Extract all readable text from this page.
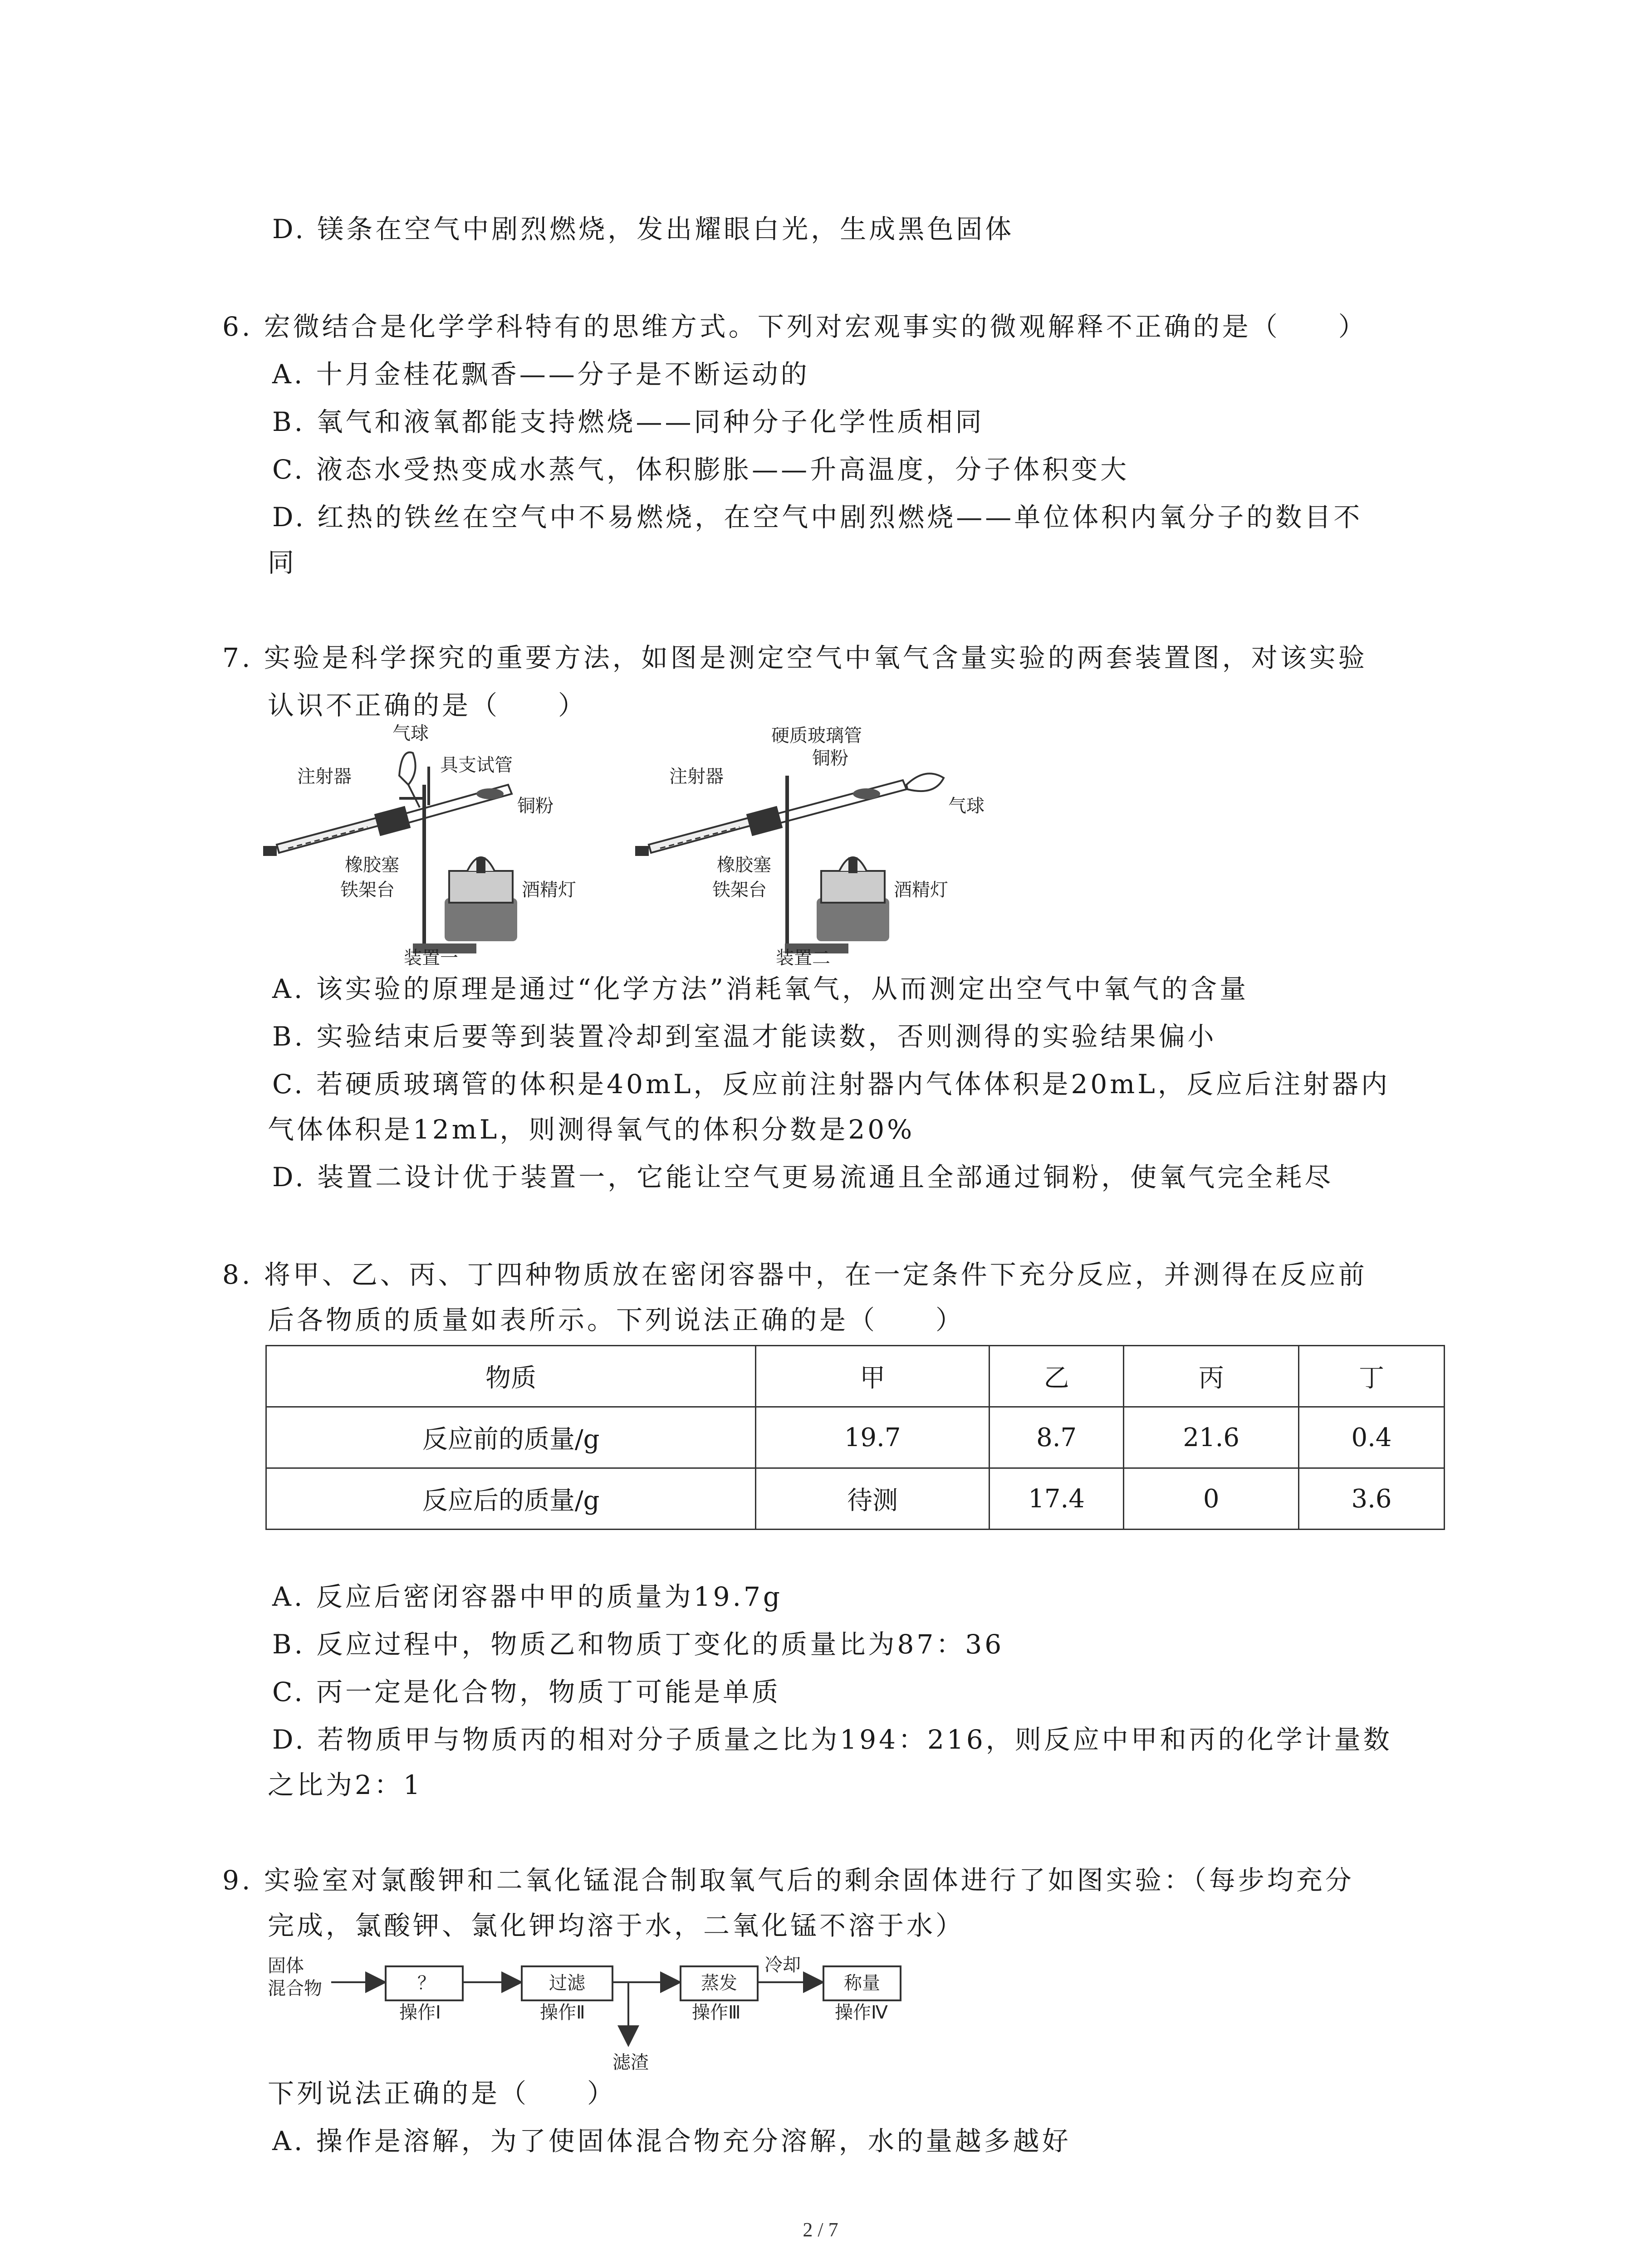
D. 镁条在空气中剧烈燃烧，发出耀眼白光，生成黑色固体
6. 宏微结合是化学学科特有的思维方式。下列对宏观事实的微观解释不正确的是（　　）
A. 十月金桂花飘香——分子是不断运动的
B. 氧气和液氧都能支持燃烧——同种分子化学性质相同
C. 液态水受热变成水蒸气，体积膨胀——升高温度，分子体积变大
D. 红热的铁丝在空气中不易燃烧，在空气中剧烈燃烧——单位体积内氧分子的数目不
同
7. 实验是科学探究的重要方法，如图是测定空气中氧气含量实验的两套装置图，对该实验
认识不正确的是（　　）
气球
具支试管
注射器
铜粉
橡胶塞
酒精灯
铁架台
装置一
硬质玻璃管
铜粉
注射器
气球
橡胶塞
酒精灯
铁架台
装置二
A. 该实验的原理是通过“化学方法”消耗氧气，从而测定出空气中氧气的含量
B. 实验结束后要等到装置冷却到室温才能读数，否则测得的实验结果偏小
C. 若硬质玻璃管的体积是40mL，反应前注射器内气体体积是20mL，反应后注射器内
气体体积是12mL，则测得氧气的体积分数是20%
D. 装置二设计优于装置一，它能让空气更易流通且全部通过铜粉，使氧气完全耗尽
8. 将甲、乙、丙、丁四种物质放在密闭容器中，在一定条件下充分反应，并测得在反应前
后各物质的质量如表所示。下列说法正确的是（　　）
物质	甲	乙	丙	丁
反应前的质量/g	19.7	8.7	21.6	0.4
反应后的质量/g	待测	17.4	0	3.6
A. 反应后密闭容器中甲的质量为19.7g
B. 反应过程中，物质乙和物质丁变化的质量比为87：36
C. 丙一定是化合物，物质丁可能是单质
D. 若物质甲与物质丙的相对分子质量之比为194：216，则反应中甲和丙的化学计量数
之比为2：1
9. 实验室对氯酸钾和二氧化锰混合制取氧气后的剩余固体进行了如图实验：（每步均充分
完成，氯酸钾、氯化钾均溶于水，二氧化锰不溶于水）
固体
混合物	？
操作Ⅰ
过滤
操作Ⅱ
滤渣
蒸发
操作Ⅲ
冷却
称量
操作Ⅳ
下列说法正确的是（　　）
A. 操作是溶解，为了使固体混合物充分溶解，水的量越多越好
2 / 7
